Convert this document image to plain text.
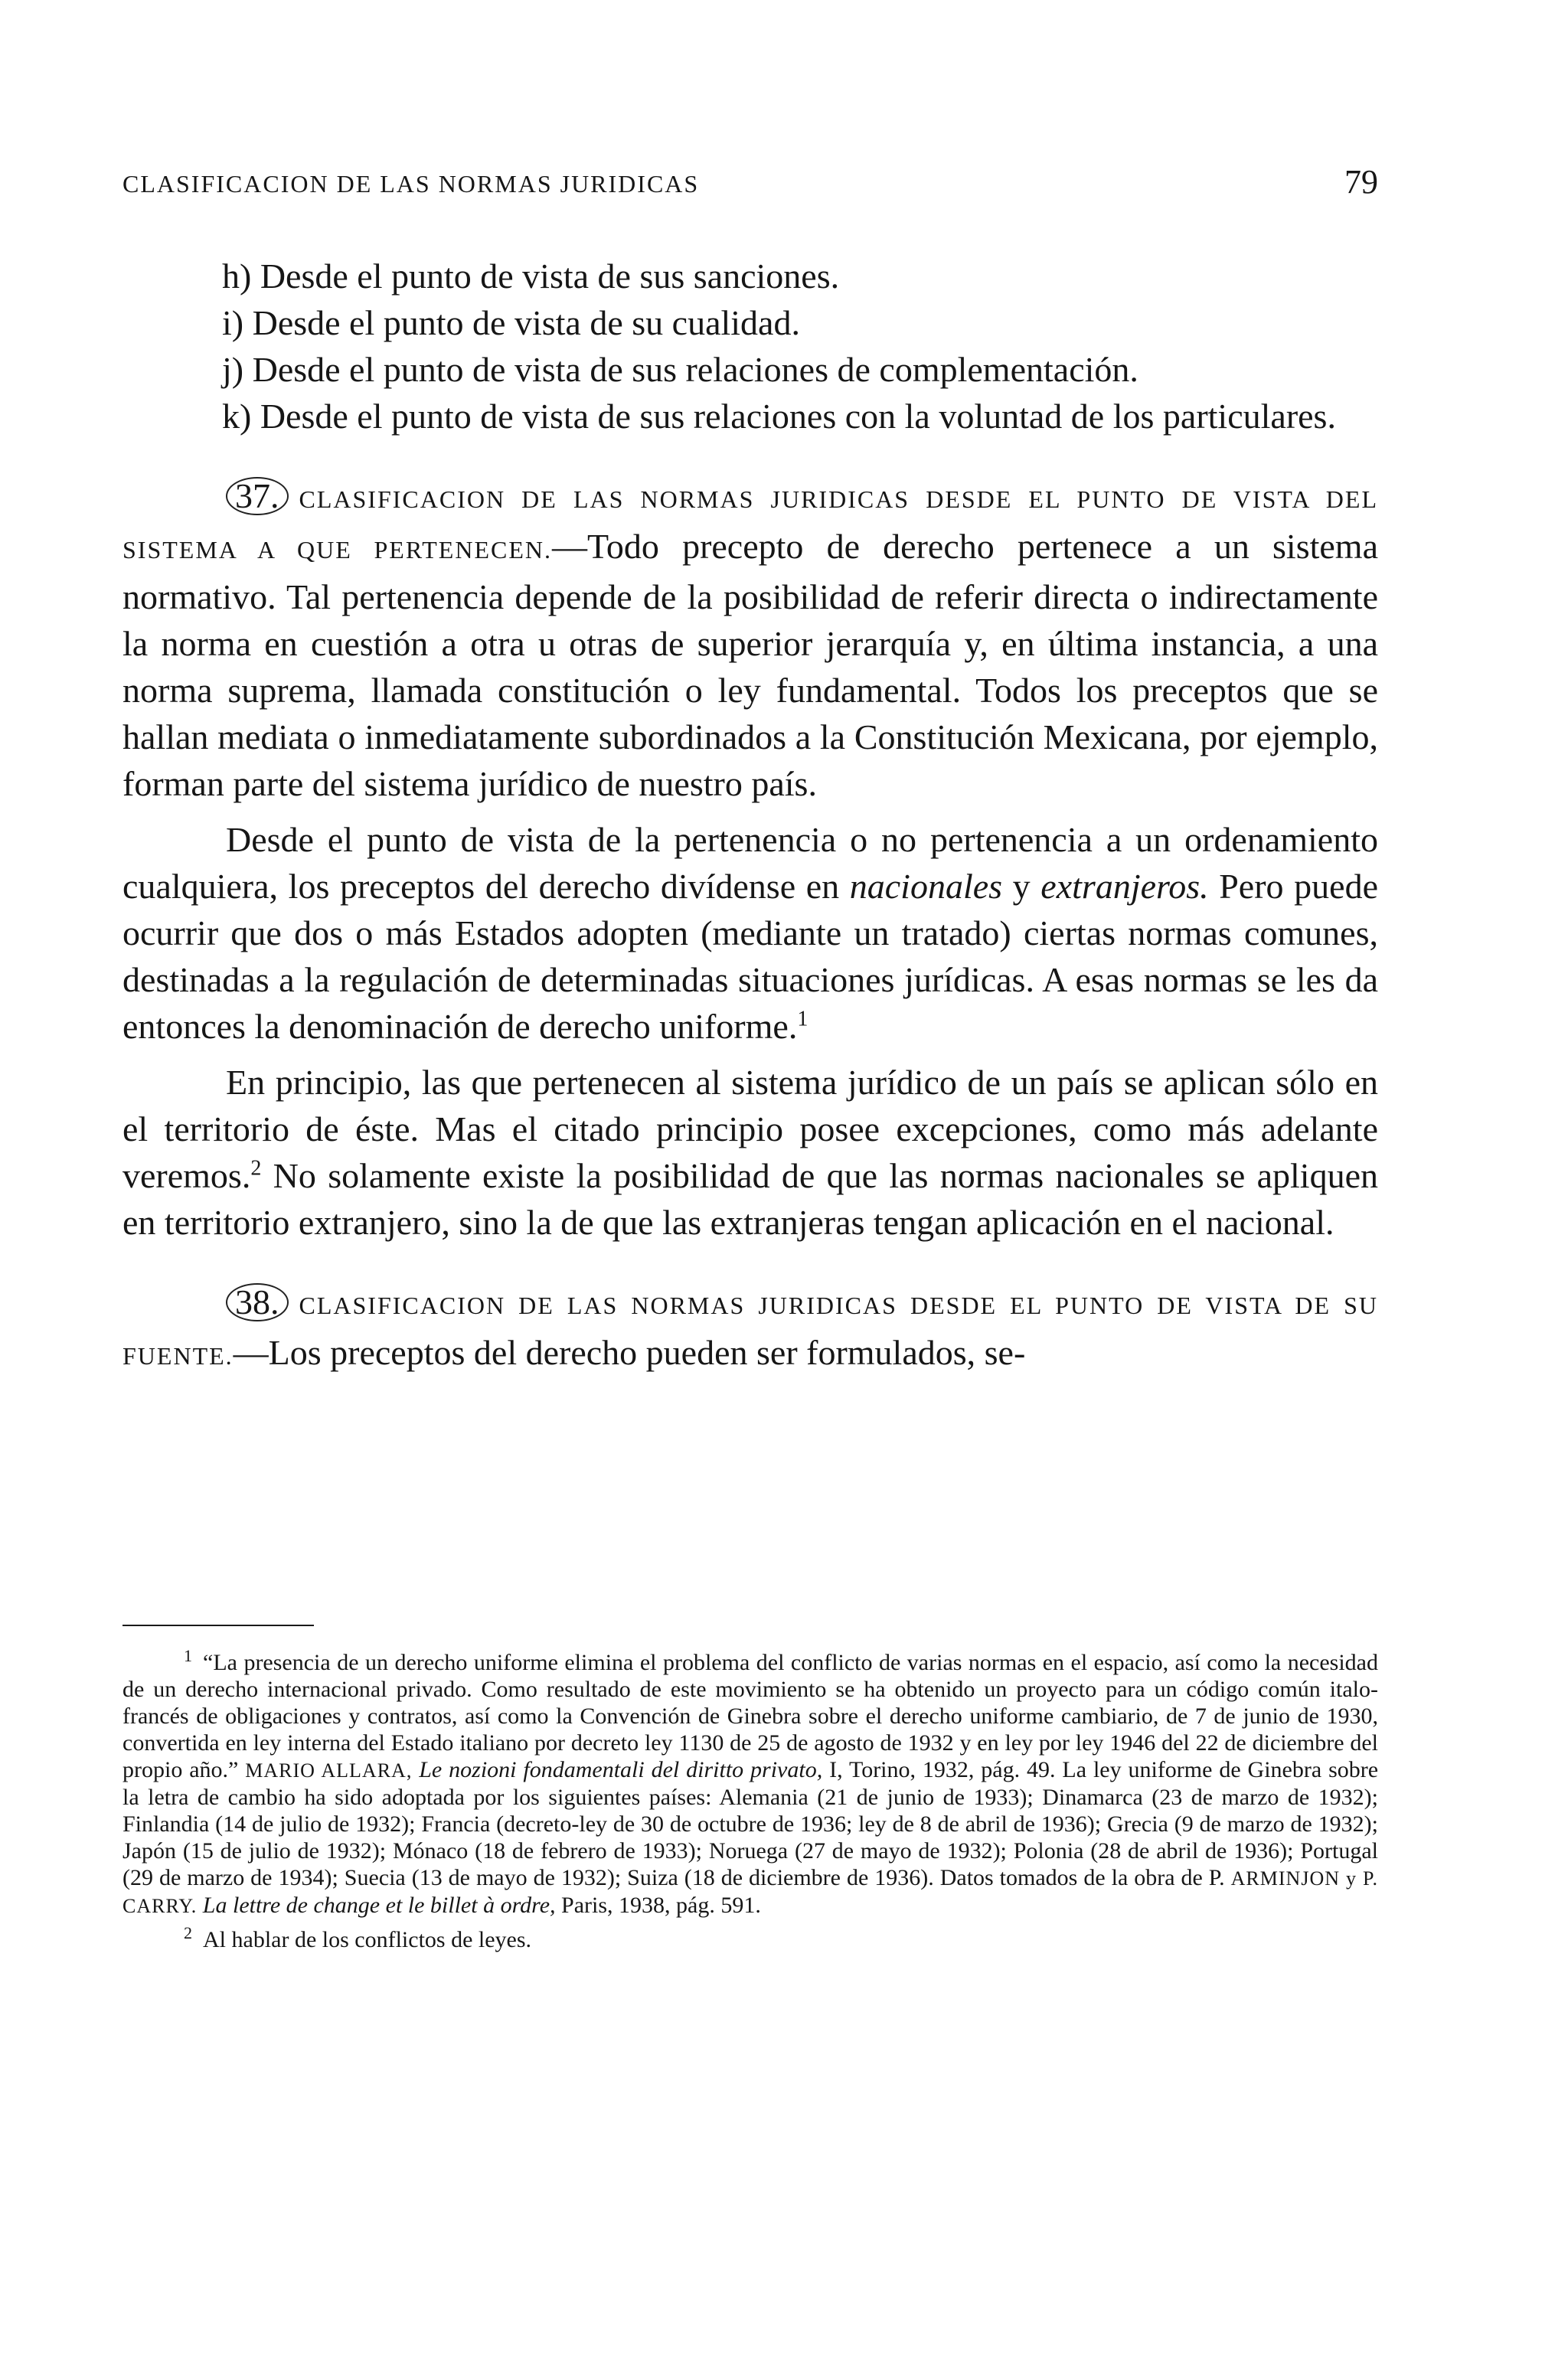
CLASIFICACION DE LAS NORMAS JURIDICAS	79

h) Desde el punto de vista de sus sanciones.

i) Desde el punto de vista de su cualidad.

j) Desde el punto de vista de sus relaciones de complementación.

k) Desde el punto de vista de sus relaciones con la voluntad de los particulares.

37. CLASIFICACION DE LAS NORMAS JURIDICAS DESDE EL PUNTO DE VISTA DEL SISTEMA A QUE PERTENECEN.—Todo precepto de derecho pertenece a un sistema normativo. Tal pertenencia depende de la posibilidad de referir directa o indirectamente la norma en cuestión a otra u otras de superior jerarquía y, en última instancia, a una norma suprema, llamada constitución o ley fundamental. Todos los preceptos que se hallan mediata o inmediatamente subordinados a la Constitución Mexicana, por ejemplo, forman parte del sistema jurídico de nuestro país.

Desde el punto de vista de la pertenencia o no pertenencia a un ordenamiento cualquiera, los preceptos del derecho divídense en nacionales y extranjeros. Pero puede ocurrir que dos o más Estados adopten (mediante un tratado) ciertas normas comunes, destinadas a la regulación de determinadas situaciones jurídicas. A esas normas se les da entonces la denominación de derecho uniforme.$^1$

En principio, las que pertenecen al sistema jurídico de un país se aplican sólo en el territorio de éste. Mas el citado principio posee excepciones, como más adelante veremos.$^2$ No solamente existe la posibilidad de que las normas nacionales se apliquen en territorio extranjero, sino la de que las extranjeras tengan aplicación en el nacional.

38. CLASIFICACION DE LAS NORMAS JURIDICAS DESDE EL PUNTO DE VISTA DE SU FUENTE.—Los preceptos del derecho pueden ser formulados, se-

$^1$ “La presencia de un derecho uniforme elimina el problema del conflicto de varias normas en el espacio, así como la necesidad de un derecho internacional privado. Como resultado de este movimiento se ha obtenido un proyecto para un código común italo-francés de obligaciones y contratos, así como la Convención de Ginebra sobre el derecho uniforme cambiario, de 7 de junio de 1930, convertida en ley interna del Estado italiano por decreto ley 1130 de 25 de agosto de 1932 y en ley por ley 1946 del 22 de diciembre del propio año.” MARIO ALLARA, Le nozioni fondamentali del diritto privato, I, Torino, 1932, pág. 49. La ley uniforme de Ginebra sobre la letra de cambio ha sido adoptada por los siguientes países: Alemania (21 de junio de 1933); Dinamarca (23 de marzo de 1932); Finlandia (14 de julio de 1932); Francia (decreto-ley de 30 de octubre de 1936; ley de 8 de abril de 1936); Grecia (9 de marzo de 1932); Japón (15 de julio de 1932); Mónaco (18 de febrero de 1933); Noruega (27 de mayo de 1932); Polonia (28 de abril de 1936); Portugal (29 de marzo de 1934); Suecia (13 de mayo de 1932); Suiza (18 de diciembre de 1936). Datos tomados de la obra de P. ARMINJON y P. CARRY. La lettre de change et le billet à ordre, Paris, 1938, pág. 591.

$^2$ Al hablar de los conflictos de leyes.
